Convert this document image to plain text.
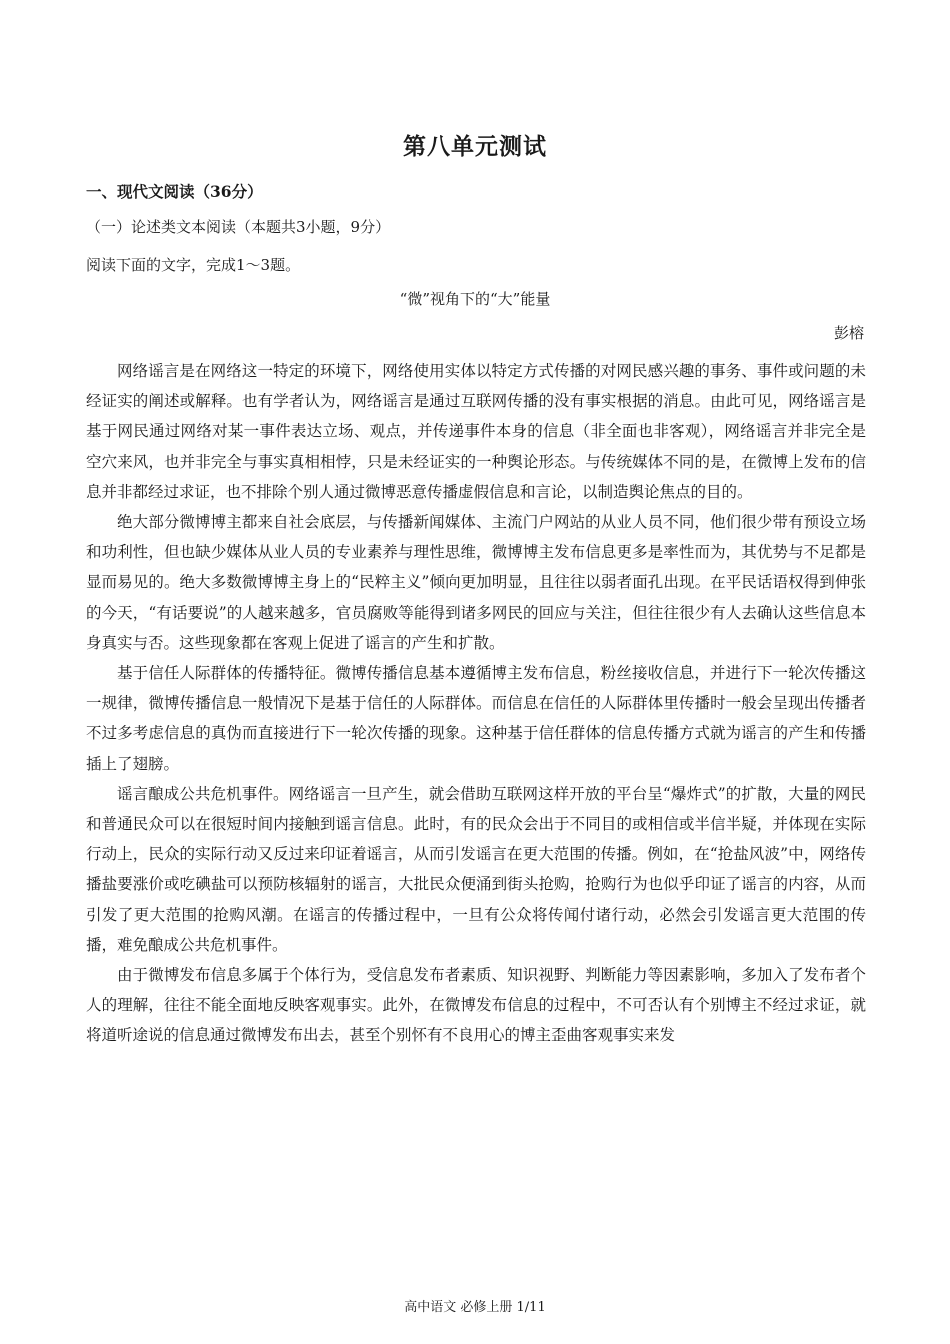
第八单元测试
一、现代文阅读（36分）
（一）论述类文本阅读（本题共3小题，9分）
阅读下面的文字，完成1～3题。
“微”视角下的“大”能量
彭榕

网络谣言是在网络这一特定的环境下，网络使用实体以特定方式传播的对网民感兴趣的事务、事件或问题的未经证实的阐述或解释。也有学者认为，网络谣言是通过互联网传播的没有事实根据的消息。由此可见，网络谣言是基于网民通过网络对某一事件表达立场、观点，并传递事件本身的信息（非全面也非客观），网络谣言并非完全是空穴来风，也并非完全与事实真相相悖，只是未经证实的一种舆论形态。与传统媒体不同的是，在微博上发布的信息并非都经过求证，也不排除个别人通过微博恶意传播虚假信息和言论，以制造舆论焦点的目的。

绝大部分微博博主都来自社会底层，与传播新闻媒体、主流门户网站的从业人员不同，他们很少带有预设立场和功利性，但也缺少媒体从业人员的专业素养与理性思维，微博博主发布信息更多是率性而为，其优势与不足都是显而易见的。绝大多数微博博主身上的“民粹主义”倾向更加明显，且往往以弱者面孔出现。在平民话语权得到伸张的今天，“有话要说”的人越来越多，官员腐败等能得到诸多网民的回应与关注，但往往很少有人去确认这些信息本身真实与否。这些现象都在客观上促进了谣言的产生和扩散。

基于信任人际群体的传播特征。微博传播信息基本遵循博主发布信息，粉丝接收信息，并进行下一轮次传播这一规律，微博传播信息一般情况下是基于信任的人际群体。而信息在信任的人际群体里传播时一般会呈现出传播者不过多考虑信息的真伪而直接进行下一轮次传播的现象。这种基于信任群体的信息传播方式就为谣言的产生和传播插上了翅膀。

谣言酿成公共危机事件。网络谣言一旦产生，就会借助互联网这样开放的平台呈“爆炸式”的扩散，大量的网民和普通民众可以在很短时间内接触到谣言信息。此时，有的民众会出于不同目的或相信或半信半疑，并体现在实际行动上，民众的实际行动又反过来印证着谣言，从而引发谣言在更大范围的传播。例如，在“抢盐风波”中，网络传播盐要涨价或吃碘盐可以预防核辐射的谣言，大批民众便涌到街头抢购，抢购行为也似乎印证了谣言的内容，从而引发了更大范围的抢购风潮。在谣言的传播过程中，一旦有公众将传闻付诸行动，必然会引发谣言更大范围的传播，难免酿成公共危机事件。

由于微博发布信息多属于个体行为，受信息发布者素质、知识视野、判断能力等因素影响，多加入了发布者个人的理解，往往不能全面地反映客观事实。此外，在微博发布信息的过程中，不可否认有个别博主不经过求证，就将道听途说的信息通过微博发布出去，甚至个别怀有不良用心的博主歪曲客观事实来发

高中语文 必修上册 1/11
